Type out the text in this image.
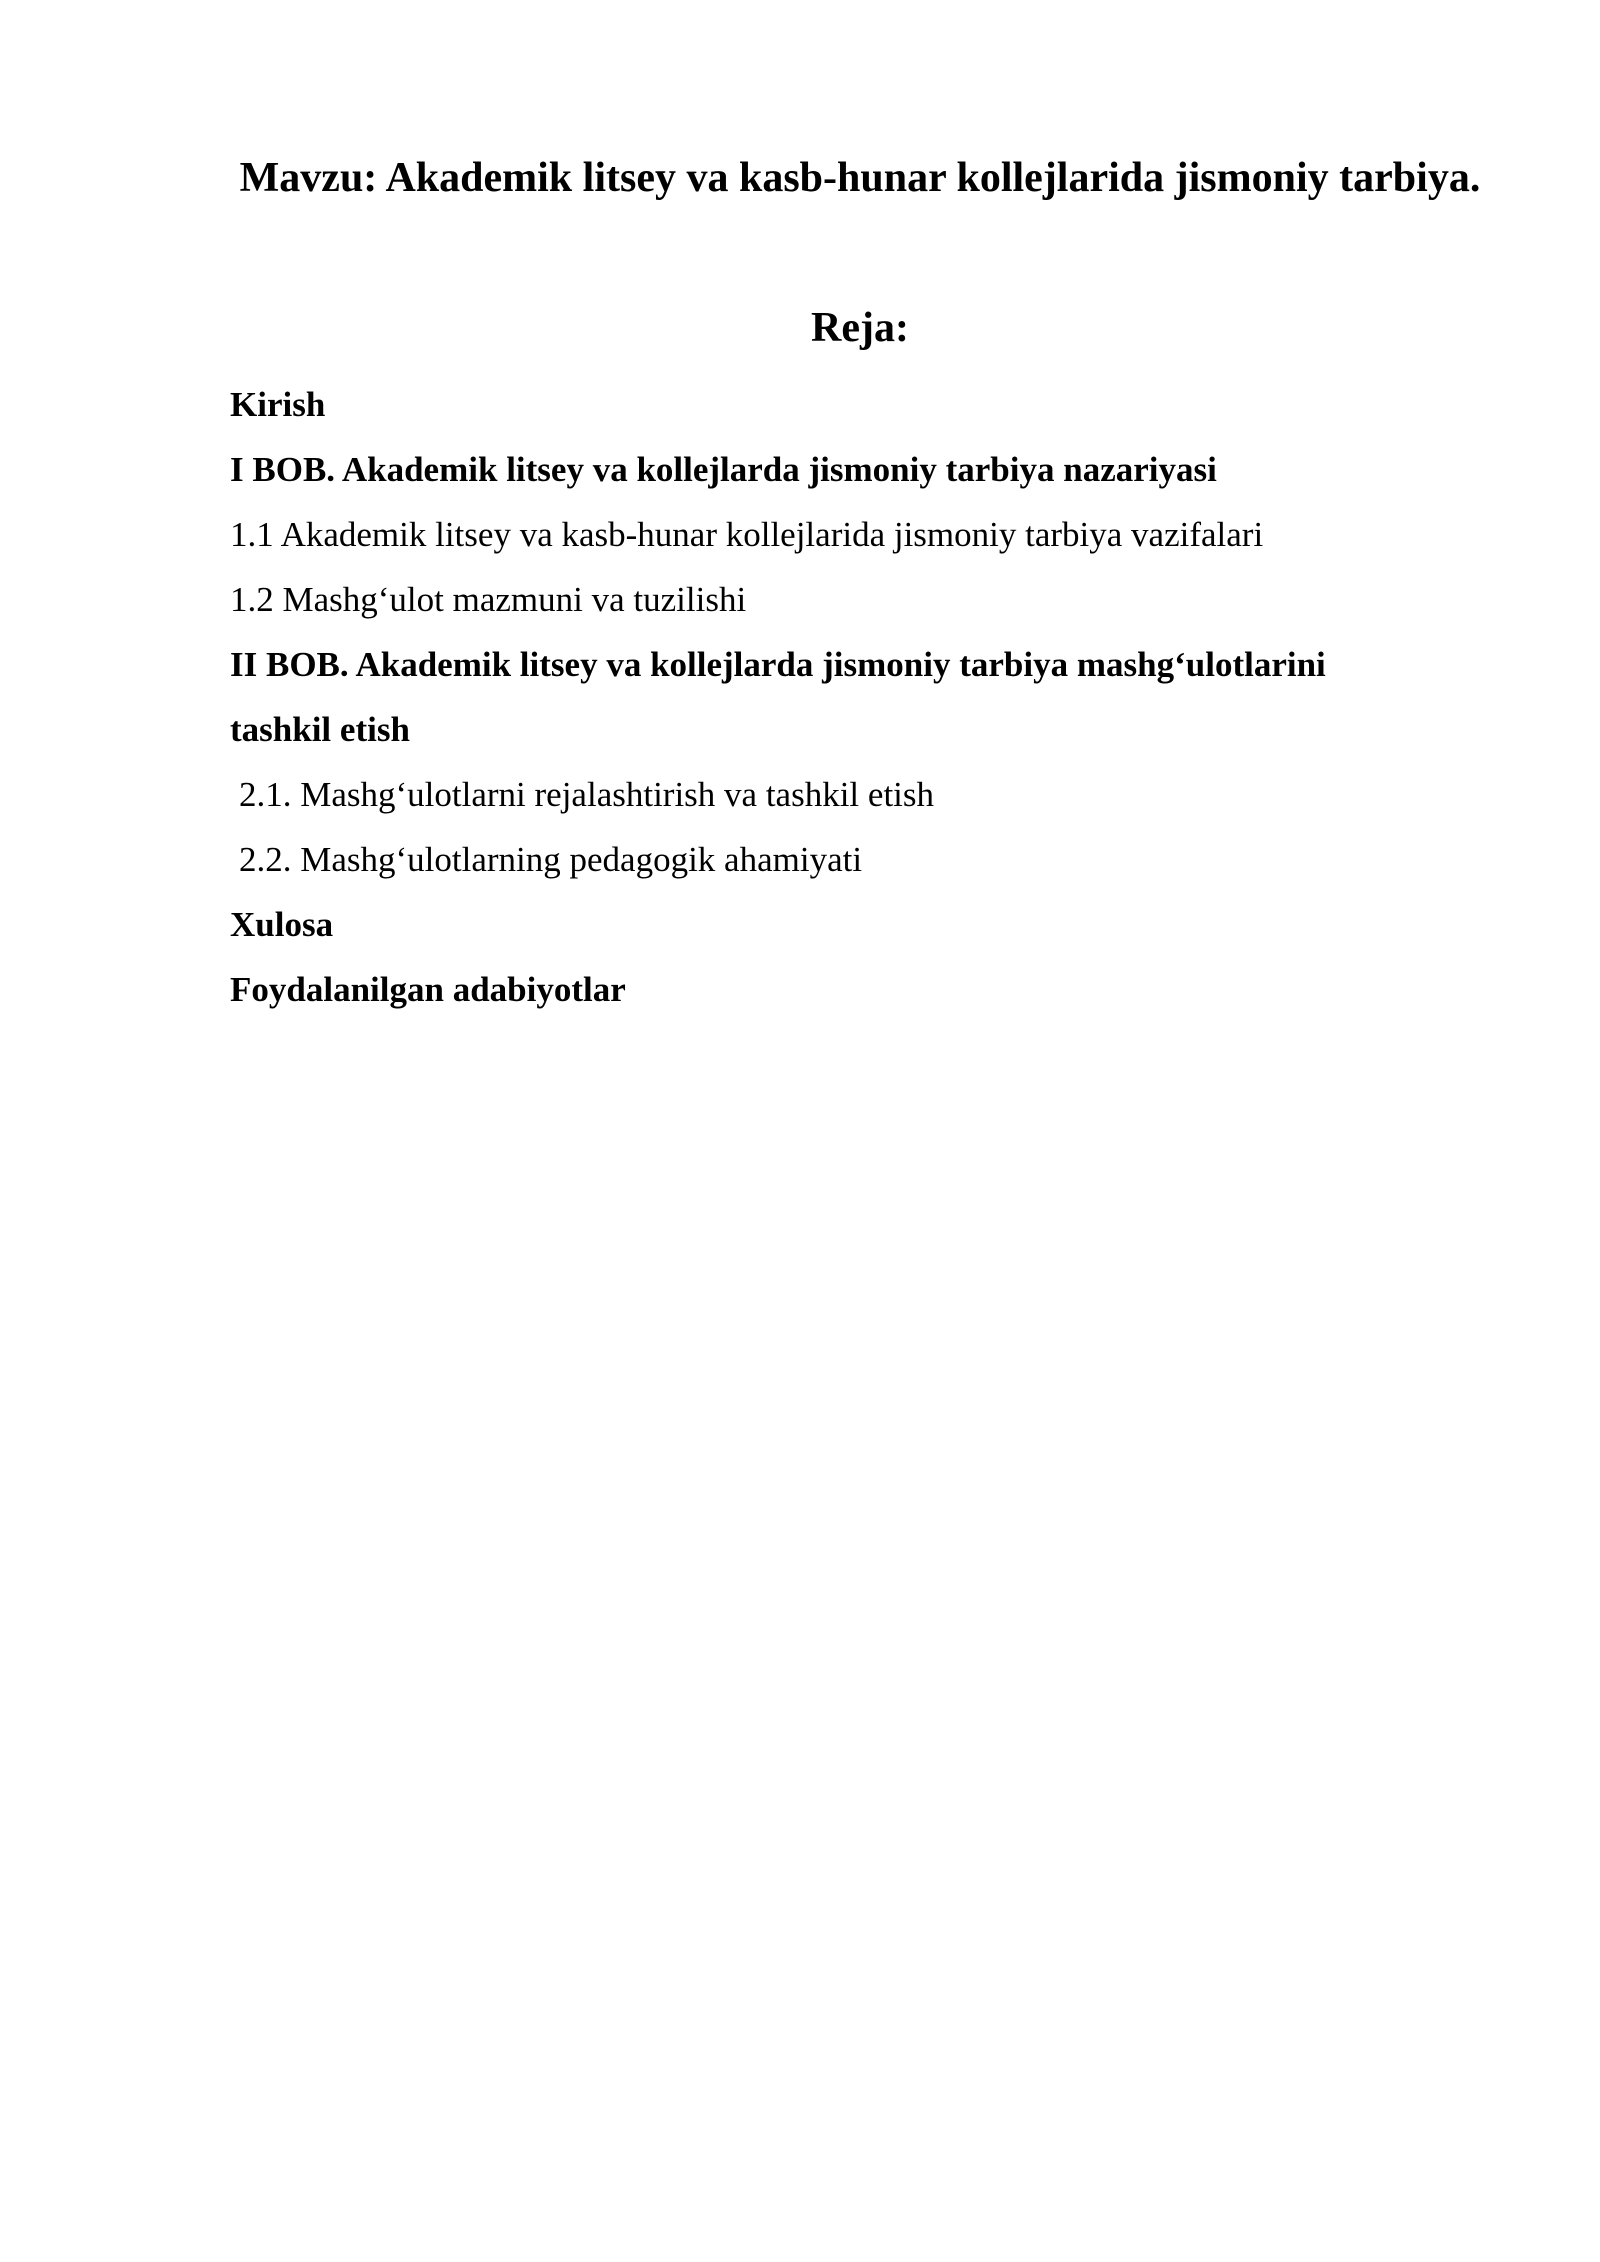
Mavzu: Akademik litsey va kasb-hunar kollejlarida jismoniy tarbiya.
Reja:
Kirish
I BOB. Akademik litsey va kollejlarda jismoniy tarbiya nazariyasi
1.1 Akademik litsey va kasb-hunar kollejlarida jismoniy tarbiya vazifalari
1.2 Mashg‘ulot mazmuni va tuzilishi
II BOB. Akademik litsey va kollejlarda jismoniy tarbiya mashg‘ulotlarini tashkil etish
2.1. Mashg‘ulotlarni rejalashtirish va tashkil etish
2.2. Mashg‘ulotlarning pedagogik ahamiyati
Xulosa
Foydalanilgan adabiyotlar
